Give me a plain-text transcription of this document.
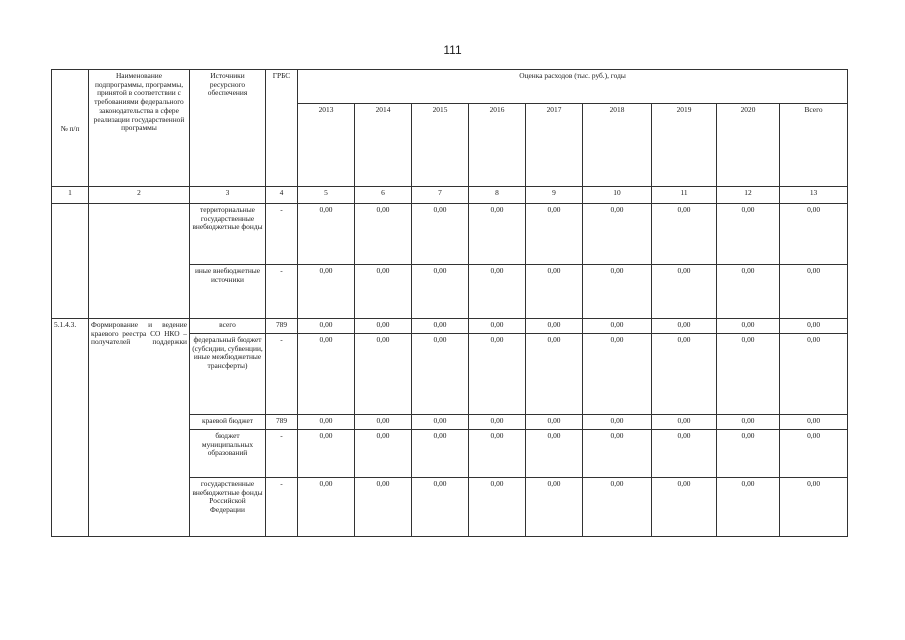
111
№ п/п	Наименование подпрограммы, программы, принятой в соответствии с требованиями федерального законодательства в сфере реализации государственной программы	Источники ресурсного обеспечения	ГРБС	Оценка расходов (тыс. руб.), годы								
				2013	2014	2015	2016	2017	2018	2019	2020	Всего
1	2	3	4	5	6	7	8	9	10	11	12	13
		территориальные государственные внебюджетные фонды	-	0,00	0,00	0,00	0,00	0,00	0,00	0,00	0,00	0,00
		иные внебюджетные источники	-	0,00	0,00	0,00	0,00	0,00	0,00	0,00	0,00	0,00
5.1.4.3.	Формирование и ведение краевого реестра СО НКО – получателей поддержки	всего	789	0,00	0,00	0,00	0,00	0,00	0,00	0,00	0,00	0,00
		федеральный бюджет (субсидии, субвенции, иные межбюджетные трансферты)	-	0,00	0,00	0,00	0,00	0,00	0,00	0,00	0,00	0,00
		краевой бюджет	789	0,00	0,00	0,00	0,00	0,00	0,00	0,00	0,00	0,00
		бюджет муниципальных образований	-	0,00	0,00	0,00	0,00	0,00	0,00	0,00	0,00	0,00
		государственные внебюджетные фонды Российской Федерации	-	0,00	0,00	0,00	0,00	0,00	0,00	0,00	0,00	0,00
